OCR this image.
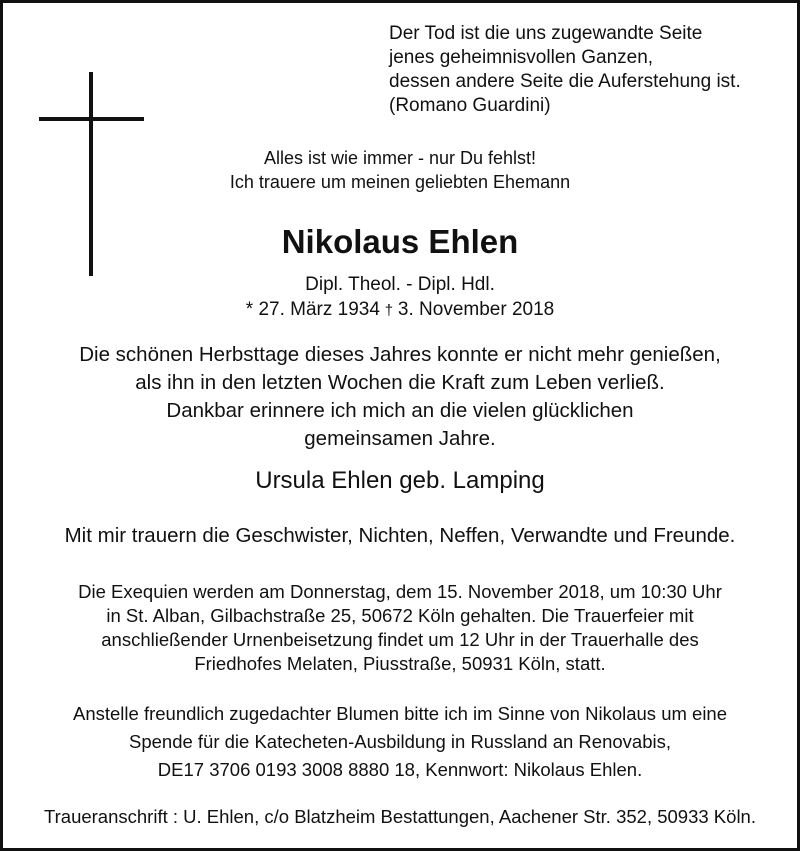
Der Tod ist die uns zugewandte Seite
jenes geheimnisvollen Ganzen,
dessen andere Seite die Auferstehung ist.
(Romano Guardini)
Alles ist wie immer - nur Du fehlst!
Ich trauere um meinen geliebten Ehemann
Nikolaus Ehlen
Dipl. Theol. - Dipl. Hdl.
* 27. März 1934 † 3. November 2018
Die schönen Herbsttage dieses Jahres konnte er nicht mehr genießen,
als ihn in den letzten Wochen die Kraft zum Leben verließ.
Dankbar erinnere ich mich an die vielen glücklichen
gemeinsamen Jahre.
Ursula Ehlen geb. Lamping
Mit mir trauern die Geschwister, Nichten, Neffen, Verwandte und Freunde.
Die Exequien werden am Donnerstag, dem 15. November 2018, um 10:30 Uhr
in St. Alban, Gilbachstraße 25, 50672 Köln gehalten. Die Trauerfeier mit
anschließender Urnenbeisetzung findet um 12 Uhr in der Trauerhalle des
Friedhofes Melaten, Piusstraße, 50931 Köln, statt.
Anstelle freundlich zugedachter Blumen bitte ich im Sinne von Nikolaus um eine
Spende für die Katecheten-Ausbildung in Russland an Renovabis,
DE17 3706 0193 3008 8880 18, Kennwort: Nikolaus Ehlen.
Traueranschrift : U. Ehlen, c/o Blatzheim Bestattungen, Aachener Str. 352, 50933 Köln.
